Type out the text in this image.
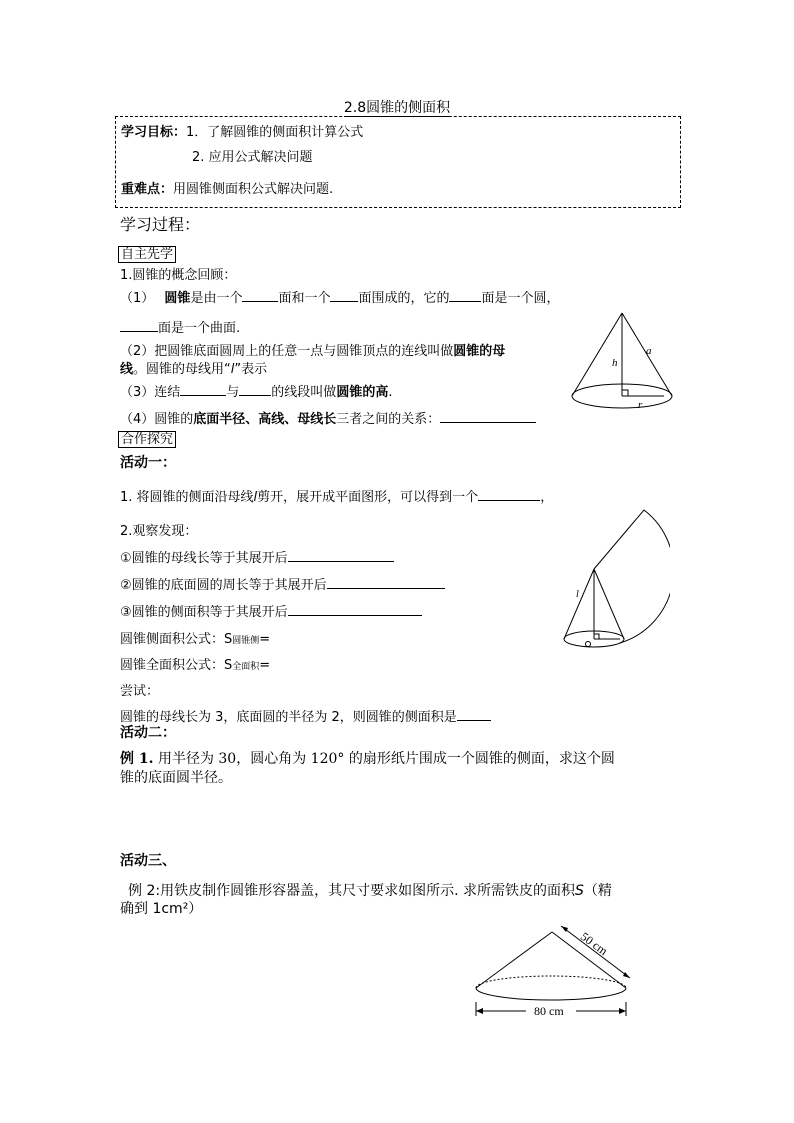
2.8圆锥的侧面积
学习目标：1．了解圆锥的侧面积计算公式
2. 应用公式解决问题
重难点：用圆锥侧面积公式解决问题.
学习过程：
自主先学
1.圆锥的概念回顾：
（1） 圆锥是由一个	面和一个 面围成的，它的 面是一个圆，
面是一个曲面.
（2）把圆锥底面圆周上的任意一点与圆锥顶点的连线叫做圆锥的母
线。圆锥的母线用“l”表示
（3）连结	与 的线段叫做圆锥的高.
（4）圆锥的底面半径、高线、母线长三者之间的关系：
h
a
r
合作探究
活动一：
1. 将圆锥的侧面沿母线l剪开，展开成平面图形，可以得到一个	，
2.观察发现：
①圆锥的母线长等于其展开后
②圆锥的底面圆的周长等于其展开后
③圆锥的侧面积等于其展开后
圆锥侧面积公式：S圆锥侧=
圆锥全面积公式：S全面积=
尝试：
圆锥的母线长为 3，底面圆的半径为 2，则圆锥的侧面积是
l
活动二：
例 1. 用半径为 30，圆心角为 120° 的扇形纸片围成一个圆锥的侧面，求这个圆
锥的底面圆半径。
活动三、
例 2:用铁皮制作圆锥形容器盖，其尺寸要求如图所示. 求所需铁皮的面积S（精
确到 1cm²）
50 cm
80 cm
